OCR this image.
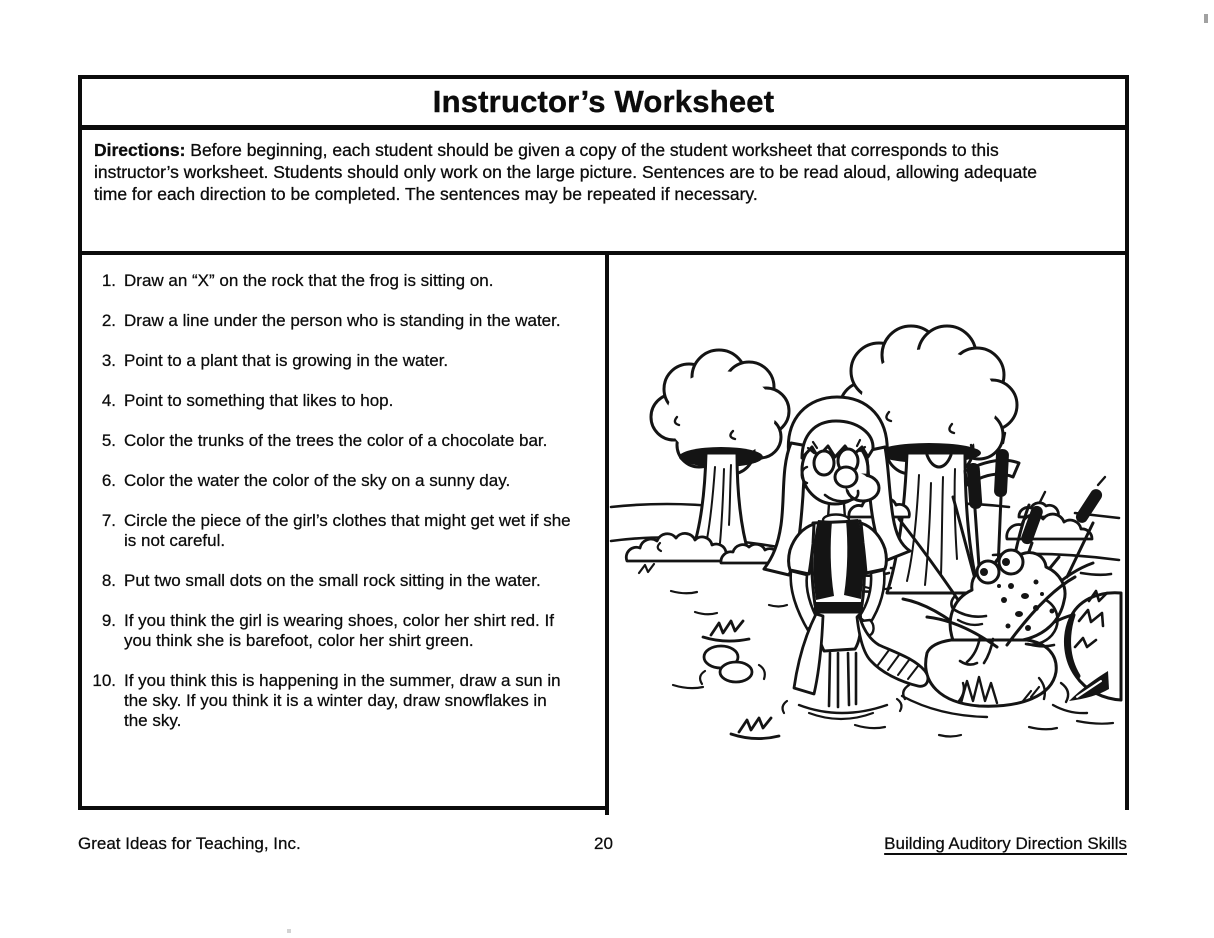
Instructor’s Worksheet
Directions: Before beginning, each student should be given a copy of the student worksheet that corresponds to this instructor’s worksheet. Students should only work on the large picture. Sentences are to be read aloud, allowing adequate time for each direction to be completed. The sentences may be repeated if necessary.
1. Draw an “X” on the rock that the frog is sitting on.
2. Draw a line under the person who is standing in the water.
3. Point to a plant that is growing in the water.
4. Point to something that likes to hop.
5. Color the trunks of the trees the color of a chocolate bar.
6. Color the water the color of the sky on a sunny day.
7. Circle the piece of the girl’s clothes that might get wet if she is not careful.
8. Put two small dots on the small rock sitting in the water.
9. If you think the girl is wearing shoes, color her shirt red. If you think she is barefoot, color her shirt green.
10. If you think this is happening in the summer, draw a sun in the sky. If you think it is a winter day, draw snowflakes in the sky.
Great Ideas for Teaching, Inc.	20	Building Auditory Direction Skills
